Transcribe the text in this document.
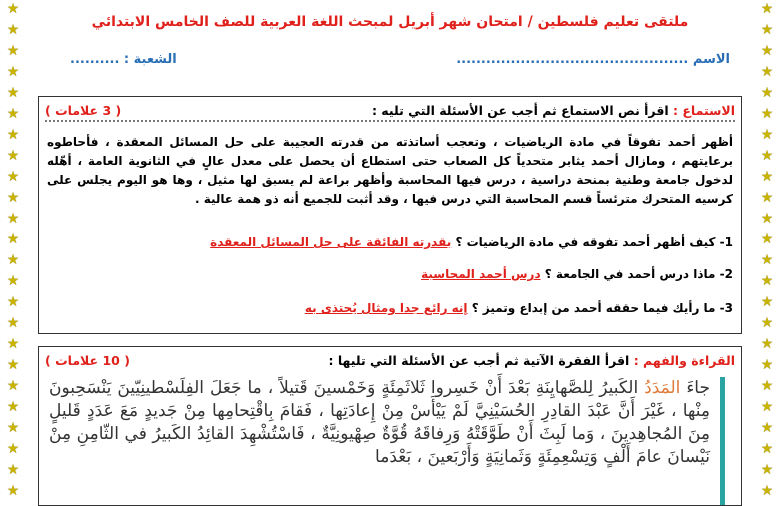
★
★
★
★
★
★
★
★
★
★
★
★
★
★
★
★
★
★
★
★
★
★
★
★
★
★
★
★
★
★
★
★
★
★
★
★
★
★
★
★
★
★
★
★
★
★
★
★
ملتقى تعليم فلسطين / امتحان شهر أبريل لمبحث اللغة العربية للصف الخامس الابتدائي
الاسم ...............................................
الشعبة : ..........
الاستماع : اقرأ نص الاستماع ثم أجب عن الأسئلة التي تليه :
( 3 علامات )
أظهر أحمد تفوقاً في مادة الرياضيات ، وتعجب أساتذته من قدرته العجيبة على حل المسائل المعقدة ، فأحاطوه برعايتهم ، ومازال أحمد يثابر متحدياً كل الصعاب حتى استطاع أن يحصل على معدل عالٍ في الثانوية العامة ، أهّله لدخول جامعة وطنية بمنحة دراسية ، درس فيها المحاسبة وأظهر براعة لم يسبق لها مثيل ، وها هو اليوم يجلس على كرسيه المتحرك مترئساً قسم المحاسبة التي درس فيها ، وقد أثبت للجميع أنه ذو همة عالية .
1- كيف أظهر أحمد تفوقه في مادة الرياضيات ؟ بقدرته الفائقة على حل المسائل المعقدة
2- ماذا درس أحمد في الجامعة ؟ درس أحمد المحاسبة
3- ما رأيك فيما حققه أحمد من إبداع وتميز ؟ إنه رائع جدا ومثال يُحتذى به
القراءة والفهم : اقرأ الفقرة الآتية ثم أجب عن الأسئلة التي تليها :
( 10 علامات )
جاءَ المَدَدُ الكَبيرُ لِلصَّهايِنَةِ بَعْدَ أَنْ خَسِروا ثَلاثَمِئَةٍ وَخَمْسينَ قَتيلاً ، ما جَعَلَ الفِلَسْطينِيّينَ يَنْسَحِبونَ مِنْها ، غَيْرَ أَنَّ عَبْدَ القادِرِ الحُسَيْنِيَّ لَمْ يَيْأَسْ مِنْ إِعادَتِها ، فَقامَ بِاقْتِحامِها مِنْ جَديدٍ مَعَ عَدَدٍ قَليلٍ مِنَ المُجاهِدينَ ، وَما لَبِثَ أَنْ طَوَّقَتْهُ وَرِفاقَهُ قُوَّةٌ صِهْيونِيَّةٌ ، فَاسْتُشْهِدَ القائِدُ الكَبيرُ في الثّامِنِ مِنْ نَيْسانَ عامَ أَلْفٍ وَتِسْعِمِئَةٍ وَثَمانِيَةٍ وَأَرْبَعينَ ، بَعْدَما
